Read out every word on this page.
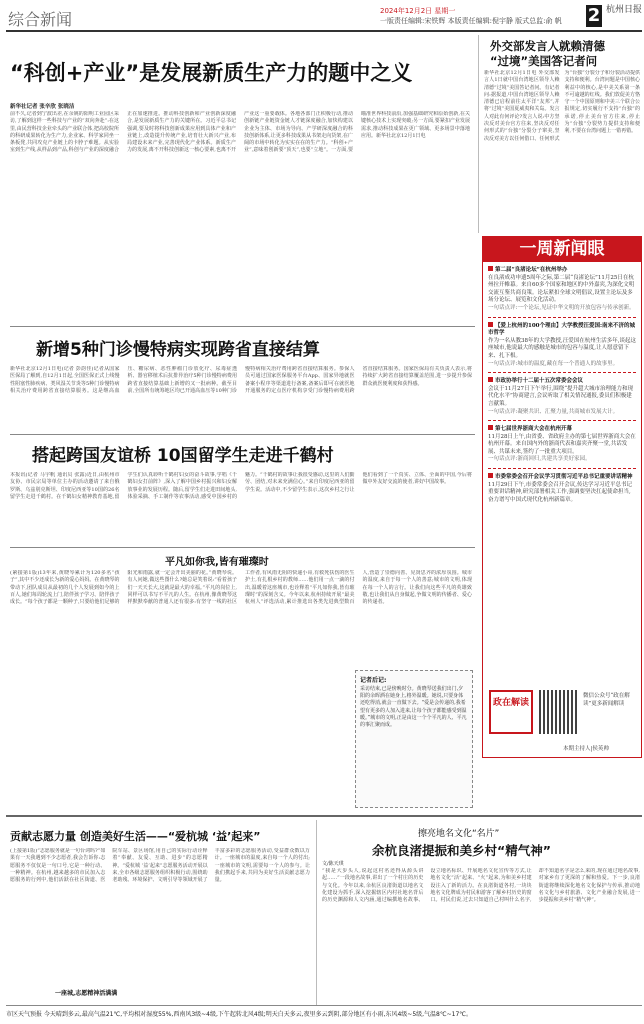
综合新闻	2024年12月2日 星期一
一版责任编辑:宋铁辉 本版责任编辑:倪宇静 版式总监:俞 帆	2 杭州日报
“科创+产业”是发展新质生产力的题中之义
新华社记者 张辛欣 张晓洁
前不久,记者到宁波出差,在余姚的阳明工业园区采访,了解到这样一些科技与产业的“双向奔赴”:在这里,由民营科技企业牵头的产业联合体,把高校院所的科研成果转化为生产力,企业家、科学家同坐一条板凳,共同攻克产业链上的卡脖子难题。从实验室到生产线,从样品到产品,科创与产业的深度融合正在加速推进。推动科技创新和产业创新深度融合,是发展新质生产力的关键所在。习近平总书记强调,要及时将科技创新成果应用到具体产业和产业链上,改造提升传统产业,培育壮大新兴产业,布局建设未来产业,完善现代化产业体系。新质生产力的发展,离不开科技创新这一核心要素,也离不开产业这一重要载体。各地各部门正积极行动,推动创新链产业链资金链人才链深度融合,加快构建以企业为主体、市场为导向、产学研深度融合的科技创新体系,让更多科技成果从书架走向货架,在广阔的市场中转化为实实在在的生产力。“科创+产业”,意味着创新要“顶天”,也要“立地”。一方面,要瞄准世界科技前沿,加强基础研究和原始创新,在关键核心技术上实现突破;另一方面,要紧扣产业发展需求,推动科技成果在更广领域、更多场景中落地应用。新华社北京12月1日电
外交部发言人就赖清德
“过境”美国答记者问
新华社北京12月1日电 外交部发言人1日就中国台湾地区领导人赖清德“过境”美国答记者问。有记者问:据报道,中国台湾地区领导人赖清德已启程前往太平洋“友邦”,并将“过境”美国夏威夷和关岛。发言人对此有何评论?发言人说:中方坚决反对美台官方往来,坚决反对任何形式的“台独”分裂分子窜美,坚决反对美方以任何借口、任何形式为“台独”分裂分子和分裂活动提供支持和便利。台湾问题是中国核心利益中的核心,是中美关系第一条不可逾越的红线。我们敦促美方恪守一个中国原则和中美三个联合公报规定,切实履行不支持“台独”的承诺,停止美台官方往来,停止为“台独”分裂势力提供支持和便利,不要在台湾问题上一错再错。
一周新闻眼
第二届“良渚论坛”在杭州举办
在良渚成功申遗5周年之际,第二届“良渚论坛”11月25日在杭州拉开帷幕。来自60多个国家和地区的中外嘉宾,为深化文明交流互鉴共商良策。论坛紧扣全球文明倡议,设置主论坛及多场分论坛、展览和文化活动。
一句话点评:一个论坛,见证中华文明的开放包容与传承创新。
【爱上杭州的100个理由】大学教授汪爱国:南来不济的城市哲学
作为一名从教38年的大学教授,汪爱国在杭州生活多年,谈起这座城市,他说最大的感触是城市的包容与温度,让人愿意留下来、扎下根。
一句话点评:城市的温度,藏在每一个普通人的故事里。
市政协举行十二届十五次常委会会议
会议于11月27日下午举行,围绕“提升超大城市治理能力和现代化水平”协商建言,会议听取了相关情况通报,委员们积极建言献策。
一句话点评:凝聚共识、汇聚力量,共商城市发展大计。
第七届世界浙商大会在杭州开幕
11月28日上午,由省委、省政府主办的第七届世界浙商大会在杭州开幕。来自国内外的浙商代表和嘉宾齐聚一堂,共话发展、共谋未来,签约了一批重大项目。
一句话点评:浙商回归,共建共享美好家园。
市委常委会召开会议学习贯彻习近平总书记重要讲话精神
11月29日下午,市委常委会召开会议,传达学习习近平总书记重要讲话精神,研究部署相关工作,强调要坚决扛起使命担当,奋力谱写中国式现代化杭州新篇章。
政在解读
微信公众号“政在解读”更多新闻解读
本期主持人|侯英帅
新增5种门诊慢特病实现跨省直接结算
新华社北京12月1日电(记者 彭韵佳)记者从国家医保局了解到,自12月1日起,全国医保正式上线慢性阻塞性肺疾病、类风湿关节炎等5种门诊慢特病相关治疗费用跨省直接结算服务。这是继高血压、糖尿病、恶性肿瘤门诊放化疗、尿毒症透析、器官移植术后抗排异治疗5种门诊慢特病费用跨省直接结算基础上新增的又一批病种。截至目前,全国所有统筹地区均已开通高血压等10种门诊慢特病相关治疗费用跨省直接结算服务。参保人员可通过国家医保服务平台App、国家异地就医备案小程序等渠道进行备案,备案后即可在就医地开通服务的定点医疗机构享受门诊慢特病费用跨省直接结算服务。国家医保局有关负责人表示,将持续扩大跨省直接结算覆盖范围,进一步提升参保群众就医便利度和获得感。
搭起跨国友谊桥 10国留学生走进千鹤村
本报讯(记者 马宇帆 通讯员 张露)近日,由杭州市友协、市民宗局等单位主办的活动邀请了来自俄罗斯、乌兹别克斯坦、印度尼西亚等10国的26名留学生走进千鹤村。在千鹤妇女精神教育基地,留学生们认真聆听千鹤村妇女的奋斗故事,学唱《千鹤妇女打前阵》,深入了解中国乡村振兴和妇女解放事业的发展历程。随后,留学生们走进田间地头,体验采摘、手工制作等农事活动,感受中国乡村的魅力。“千鹤村的故事让我很受感动,这里的人们勤劳、团结,对未来充满信心。”来自印度尼西亚的留学生说。活动中,不少留学生表示,这次乡村之行让他们看到了一个真实、立体、全面的中国,今后将做中外友好交流的使者,讲好中国故事。
平凡如你我,皆有璀璨时
(紧接第1版)13年来,黄晓琴累计为120多名“孩子”,其中不少还成长为新的爱心妈妈。在黄晓琴的带动下,团队成员从最初的几个人发展到如今的上百人,她们每周轮流上门,陪伴孩子学习、陪伴孩子成长。“每个孩子都是一颗种子,只要给他们足够的阳光和雨露,就一定会开出美丽的花。”黄晓琴说。有人问她,做这些图什么?她总是笑着说:“看着孩子们一天天长大,这就是最大的幸福。”平凡的岗位上,同样可以书写不平凡的人生。在杭州,像黄晓琴这样默默奉献的普通人还有很多:有坚守一线的社区工作者,有风雨无阻的快递小哥,有救死扶伤的医生护士,有扎根乡村的教师……他们用一点一滴的付出,温暖着这座城市,也诠释着“平凡如你我,皆有璀璨时”的深刻含义。今年以来,杭州持续开展“最美杭州人”评选活动,累计推选出各类先进典型数百人,营造了崇德向善、见贤思齐的浓厚氛围。城市的温度,来自于每一个人的善意;城市的文明,体现在每一个人的言行。让我们向这些平凡的英雄致敬,也让我们从自身做起,争做文明的传播者、爱心的传递者。
记者后记:
采访结束,已是傍晚时分。黄晓琴送我们出门,夕阳的余晖洒在她身上,格外温暖。她说,只要身体还吃得消,就会一直做下去。“爱是会传递的,我希望有更多的人加入进来,让每个孩子都能感受到温暖。”城市的文明,正是由这一个个平凡的人、平凡的事汇聚而成。
贡献志愿力量 创造美好生活——“爱杭城 ‘益’起来”
(上接第1版)“志愿服务就是一句台词吗?”如果有一天我遇到不少志愿者,我会告诉你:志愿服务不仅仅是一句口号,它是一种行动、一种精神。在杭州,越来越多的市民加入志愿服务的行列中,他们活跃在社区街道、医院车站、景区场馆,用自己的实际行动诠释着“奉献、友爱、互助、进步”的志愿精神。“爱杭城 ‘益’起来”志愿服务活动开展以来,全市各级志愿服务组织积极行动,围绕助老助残、环境保护、文明引导等领域开展了丰富多彩的志愿服务活动,受益群众数以万计。一座城市的温度,来自每一个人的付出;一座城市的文明,需要每一个人的参与。让我们携起手来,共同为美好生活贡献志愿力量。
一座城,志愿精神活满满
擦亮地名文化“名片”
余杭良渚提振和美乡村“精气神”
文/陈天琪
“我是大步头人,说起这村名还得从源头讲起……”一段地名故事,讲出了一个村庄的历史与文化。今年以来,余杭区良渚街道以地名文化建设为抓手,深入挖掘辖区内村社地名背后的历史渊源和人文内涵,通过编撰地名故事、设立地名标识、开展地名文化宣传等方式,让地名文化“活”起来、“火”起来,为和美乡村建设注入了新的活力。在良渚街道各村,一块块地名文化牌成为村民和游客了解乡村历史的窗口。村民们说,过去只知道自己村叫什么名字,却不知道名字是怎么来的,现在通过地名故事,对家乡有了更深的了解和热爱。下一步,良渚街道将继续深化地名文化保护与传承,推动地名文化与乡村旅游、文化产业融合发展,进一步提振和美乡村“精气神”。
市区天气预报 今天晴到多云,最高气温21℃,平均相对湿度55%,西南风3级~4级,下午起转北风4级;明天白天多云,夜里多云到阴,部分地区有小雨,东风4级~5级,气温8℃~17℃。
